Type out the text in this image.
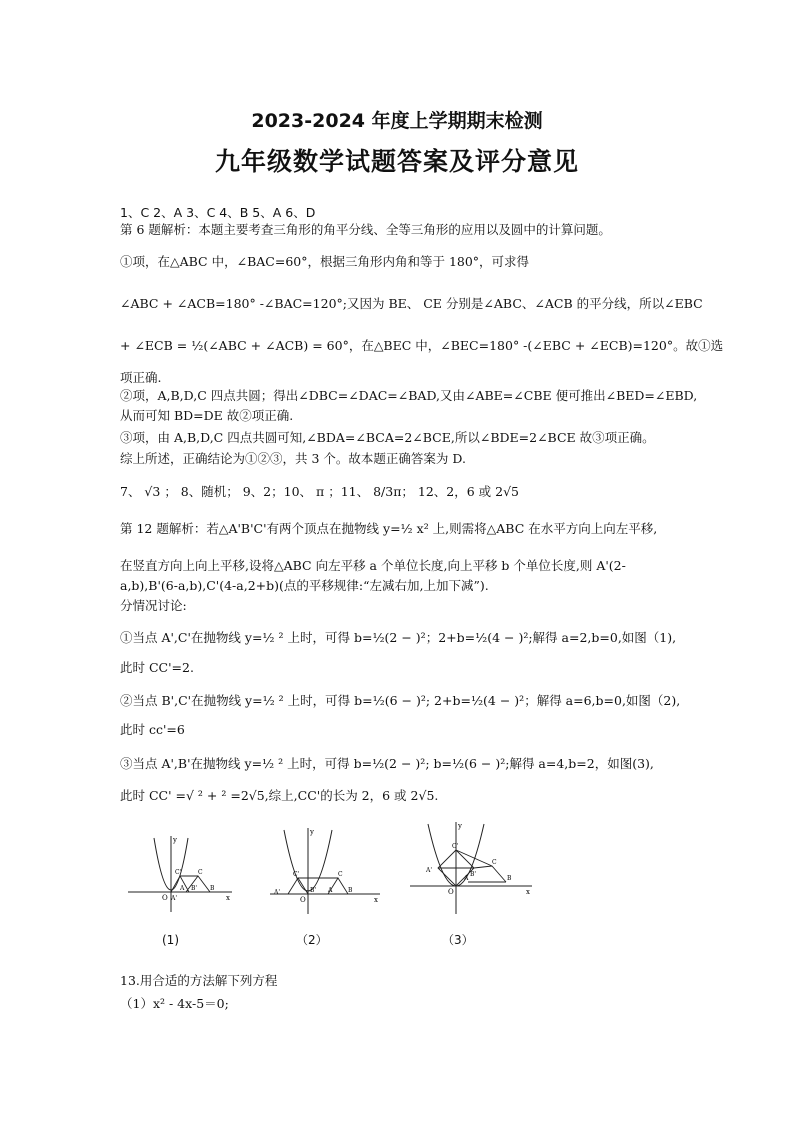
2023-2024 年度上学期期末检测
九年级数学试题答案及评分意见
1、C 2、A 3、C 4、B 5、A 6、D
第 6 题解析：本题主要考查三角形的角平分线、全等三角形的应用以及圆中的计算问题。
①项，在△ABC 中，∠BAC=60°，根据三角形内角和等于 180°，可求得
∠ABC + ∠ACB=180° -∠BAC=120°;又因为 BE、 CE 分别是∠ABC、∠ACB 的平分线，所以∠EBC
+ ∠ECB = ½(∠ABC + ∠ACB) = 60°，在△BEC 中，∠BEC=180° -(∠EBC + ∠ECB)=120°。故①选
项正确.
②项，A,B,D,C 四点共圆；得出∠DBC=∠DAC=∠BAD,又由∠ABE=∠CBE 便可推出∠BED=∠EBD,
从而可知 BD=DE 故②项正确.
③项，由 A,B,D,C 四点共圆可知,∠BDA=∠BCA=2∠BCE,所以∠BDE=2∠BCE 故③项正确。
综上所述，正确结论为①②③，共 3 个。故本题正确答案为 D.
7、 √3 ； 8、随机； 9、2；10、 π ；11、 8/3π； 12、2，6 或 2√5
第 12 题解析：若△A'B'C'有两个顶点在抛物线 y=½ x² 上,则需将△ABC 在水平方向上向左平移,
在竖直方向上向上平移,设将△ABC 向左平移 a 个单位长度,向上平移 b 个单位长度,则 A'(2-
a,b),B'(6-a,b),C'(4-a,2+b)(点的平移规律:“左减右加,上加下减”).
分情况讨论:
①当点 A',C'在抛物线 y=½ ² 上时，可得 b=½(2 − )²；2+b=½(4 − )²;解得 a=2,b=0,如图（1),
此时 CC'=2.
②当点 B',C'在抛物线 y=½ ² 上时，可得 b=½(6 − )²; 2+b=½(4 − )²；解得 a=6,b=0,如图（2),
此时 cc'=6
③当点 A',B'在抛物线 y=½ ² 上时，可得 b=½(2 − )²; b=½(6 − )²;解得 a=4,b=2，如图(3),
此时 CC' =√ ² + ² =2√5,综上,CC'的长为 2，6 或 2√5.
13.用合适的方法解下列方程
（1）x² - 4x-5＝0;
y
x
O A'
C'	C
A B' B
(1)
y
x
O
A'
C'	C
B' A	B
（2）
y
x
O
C'
A'
B'
C
A	B
（3）
